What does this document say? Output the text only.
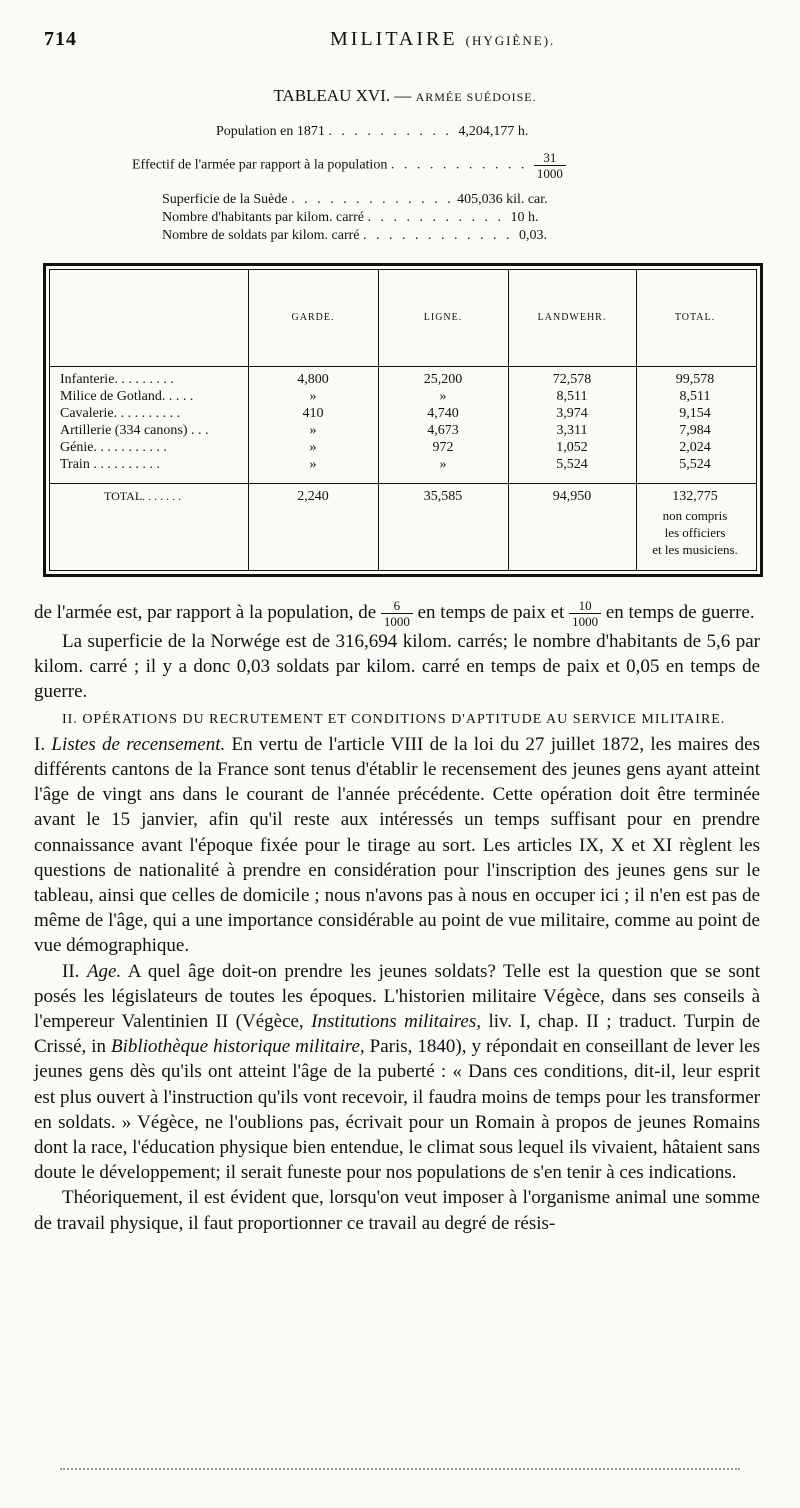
714	MILITAIRE (HYGIÈNE).
TABLEAU XVI. — ARMÉE SUÉDOISE.
Population en 1871 . . . . . . . . . . 4,204,177 h.
Effectif de l'armée par rapport à la population . . . . . . . . . . . $\frac{31}{1000}$
Superficie de la Suède . . . . . . . . . . . . . 405,036 kil. car.
Nombre d'habitants par kilom. carré . . . . . . . . . . . 10 h.
Nombre de soldats par kilom. carré . . . . . . . . . . . . 0,03.
GARDE.	LIGNE.	LANDWEHR.	TOTAL.
Infanterie. . . . . . . . .	4,800	25,200	72,578	99,578
Milice de Gotland. . . . .	»	»	8,511	8,511
Cavalerie. . . . . . . . . .	410	4,740	3,974	9,154
Artillerie (334 canons) . . .	»	4,673	3,311	7,984
Génie. . . . . . . . . . .	»	972	1,052	2,024
Train . . . . . . . . . .	»	»	5,524	5,524
TOTAL. . . . . . .	2,240	35,585	94,950	132,775
non compris
les officiers
et les musiciens.

de l'armée est, par rapport à la population, de $\frac{6}{1000}$ en temps de paix et $\frac{10}{1000}$ en temps de guerre.

La superficie de la Norwége est de 316,694 kilom. carrés; le nombre d'habitants de 5,6 par kilom. carré ; il y a donc 0,03 soldats par kilom. carré en temps de paix et 0,05 en temps de guerre.

II. OPÉRATIONS DU RECRUTEMENT ET CONDITIONS D'APTITUDE AU SERVICE MILITAIRE.

I. Listes de recensement. En vertu de l'article VIII de la loi du 27 juillet 1872, les maires des différents cantons de la France sont tenus d'établir le recensement des jeunes gens ayant atteint l'âge de vingt ans dans le courant de l'année précédente. Cette opération doit être terminée avant le 15 janvier, afin qu'il reste aux intéressés un temps suffisant pour en prendre connaissance avant l'époque fixée pour le tirage au sort. Les articles IX, X et XI règlent les questions de nationalité à prendre en considération pour l'inscription des jeunes gens sur le tableau, ainsi que celles de domicile ; nous n'avons pas à nous en occuper ici ; il n'en est pas de même de l'âge, qui a une importance considérable au point de vue militaire, comme au point de vue démographique.

II. Age. A quel âge doit-on prendre les jeunes soldats? Telle est la question que se sont posés les législateurs de toutes les époques. L'historien militaire Végèce, dans ses conseils à l'empereur Valentinien II (Végèce, Institutions militaires, liv. I, chap. II ; traduct. Turpin de Crissé, in Bibliothèque historique militaire, Paris, 1840), y répondait en conseillant de lever les jeunes gens dès qu'ils ont atteint l'âge de la puberté : « Dans ces conditions, dit-il, leur esprit est plus ouvert à l'instruction qu'ils vont recevoir, il faudra moins de temps pour les transformer en soldats. » Végèce, ne l'oublions pas, écrivait pour un Romain à propos de jeunes Romains dont la race, l'éducation physique bien entendue, le climat sous lequel ils vivaient, hâtaient sans doute le développement; il serait funeste pour nos populations de s'en tenir à ces indications.

Théoriquement, il est évident que, lorsqu'on veut imposer à l'organisme animal une somme de travail physique, il faut proportionner ce travail au degré de résis-
